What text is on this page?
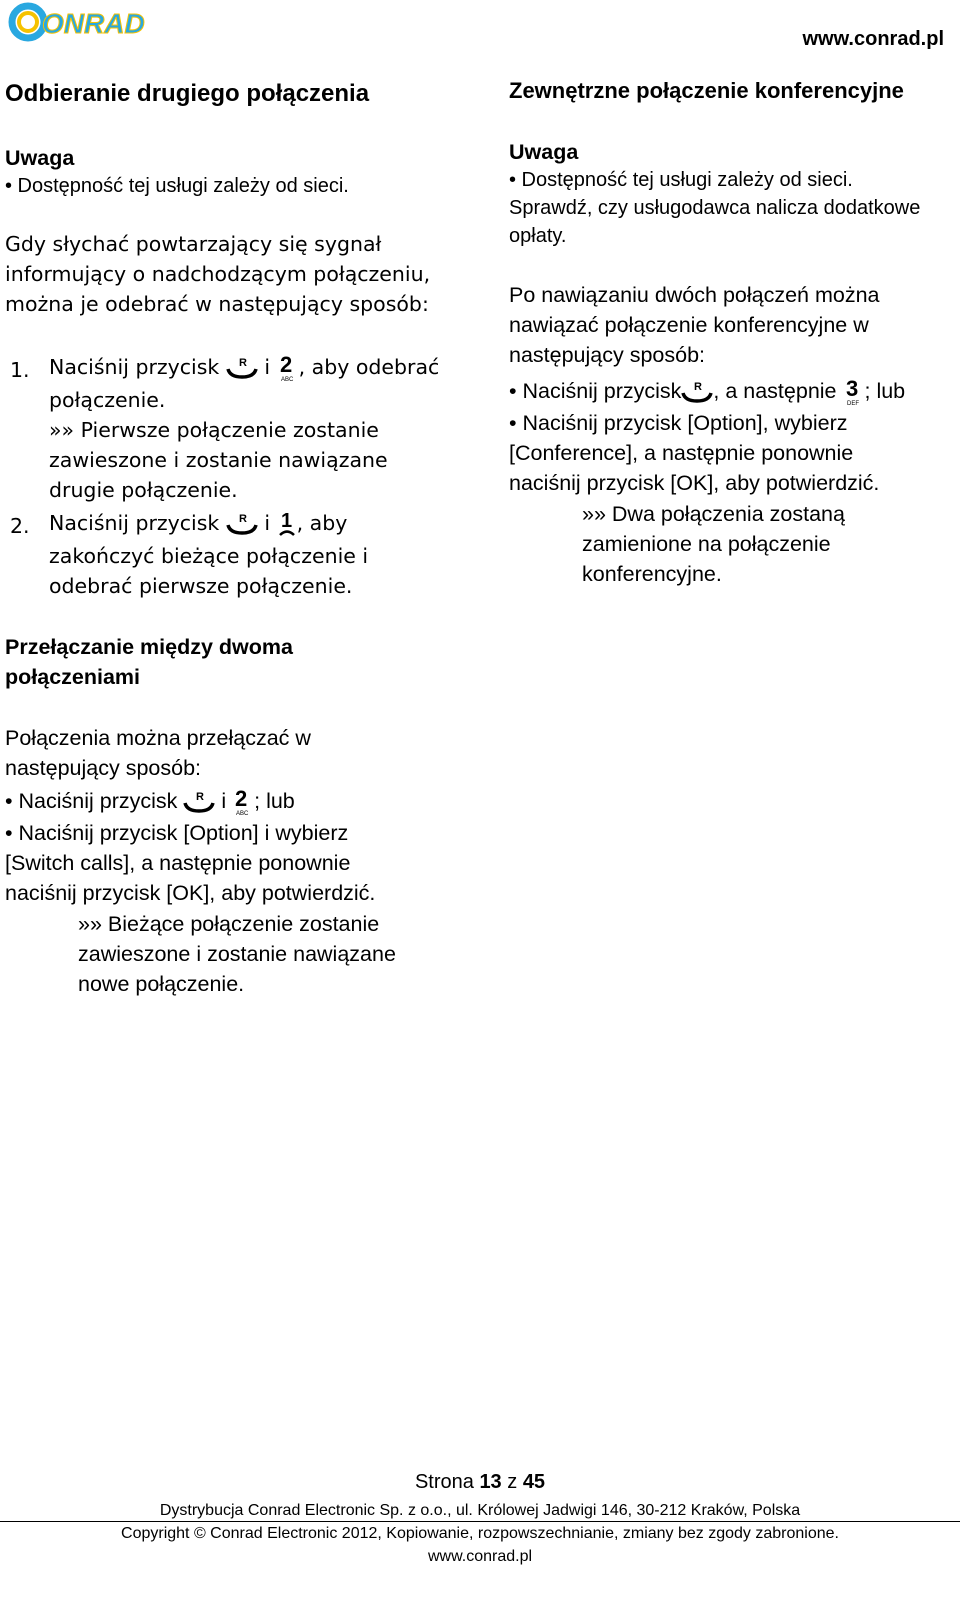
ONRAD	www.conrad.pl
Odbieranie drugiego połączenia

Uwaga

• Dostępność tej usługi zależy od sieci.

Gdy słychać powtarzający się sygnał

informujący o nadchodzącym połączeniu,

można je odebrać w następujący sposób:

1. Naciśnij przycisk R i 2
ABC
, aby odebrać

połączenie.

»» Pierwsze połączenie zostanie

zawieszone i zostanie nawiązane

drugie połączenie.

2. Naciśnij przycisk R i 1 , aby

zakończyć bieżące połączenie i

odebrać pierwsze połączenie.

Przełączanie między dwoma

połączeniami

Połączenia można przełączać w

następujący sposób:

• Naciśnij przycisk R i 2
ABC
; lub

• Naciśnij przycisk [Option] i wybierz

[Switch calls], a następnie ponownie

naciśnij przycisk [OK], aby potwierdzić.

»» Bieżące połączenie zostanie

zawieszone i zostanie nawiązane

nowe połączenie.

Zewnętrzne połączenie konferencyjne

Uwaga

• Dostępność tej usługi zależy od sieci.

Sprawdź, czy usługodawca nalicza dodatkowe

opłaty.

Po nawiązaniu dwóch połączeń można

nawiązać połączenie konferencyjne w

następujący sposób:

• Naciśnij przycisk R , a następnie 3
DEF
; lub

• Naciśnij przycisk [Option], wybierz

[Conference], a następnie ponownie

naciśnij przycisk [OK], aby potwierdzić.

»» Dwa połączenia zostaną

zamienione na połączenie

konferencyjne.

Strona 13 z 45
Dystrybucja Conrad Electronic Sp. z o.o., ul. Królowej Jadwigi 146, 30-212 Kraków, Polska
Copyright © Conrad Electronic 2012, Kopiowanie, rozpowszechnianie, zmiany bez zgody zabronione.
www.conrad.pl
